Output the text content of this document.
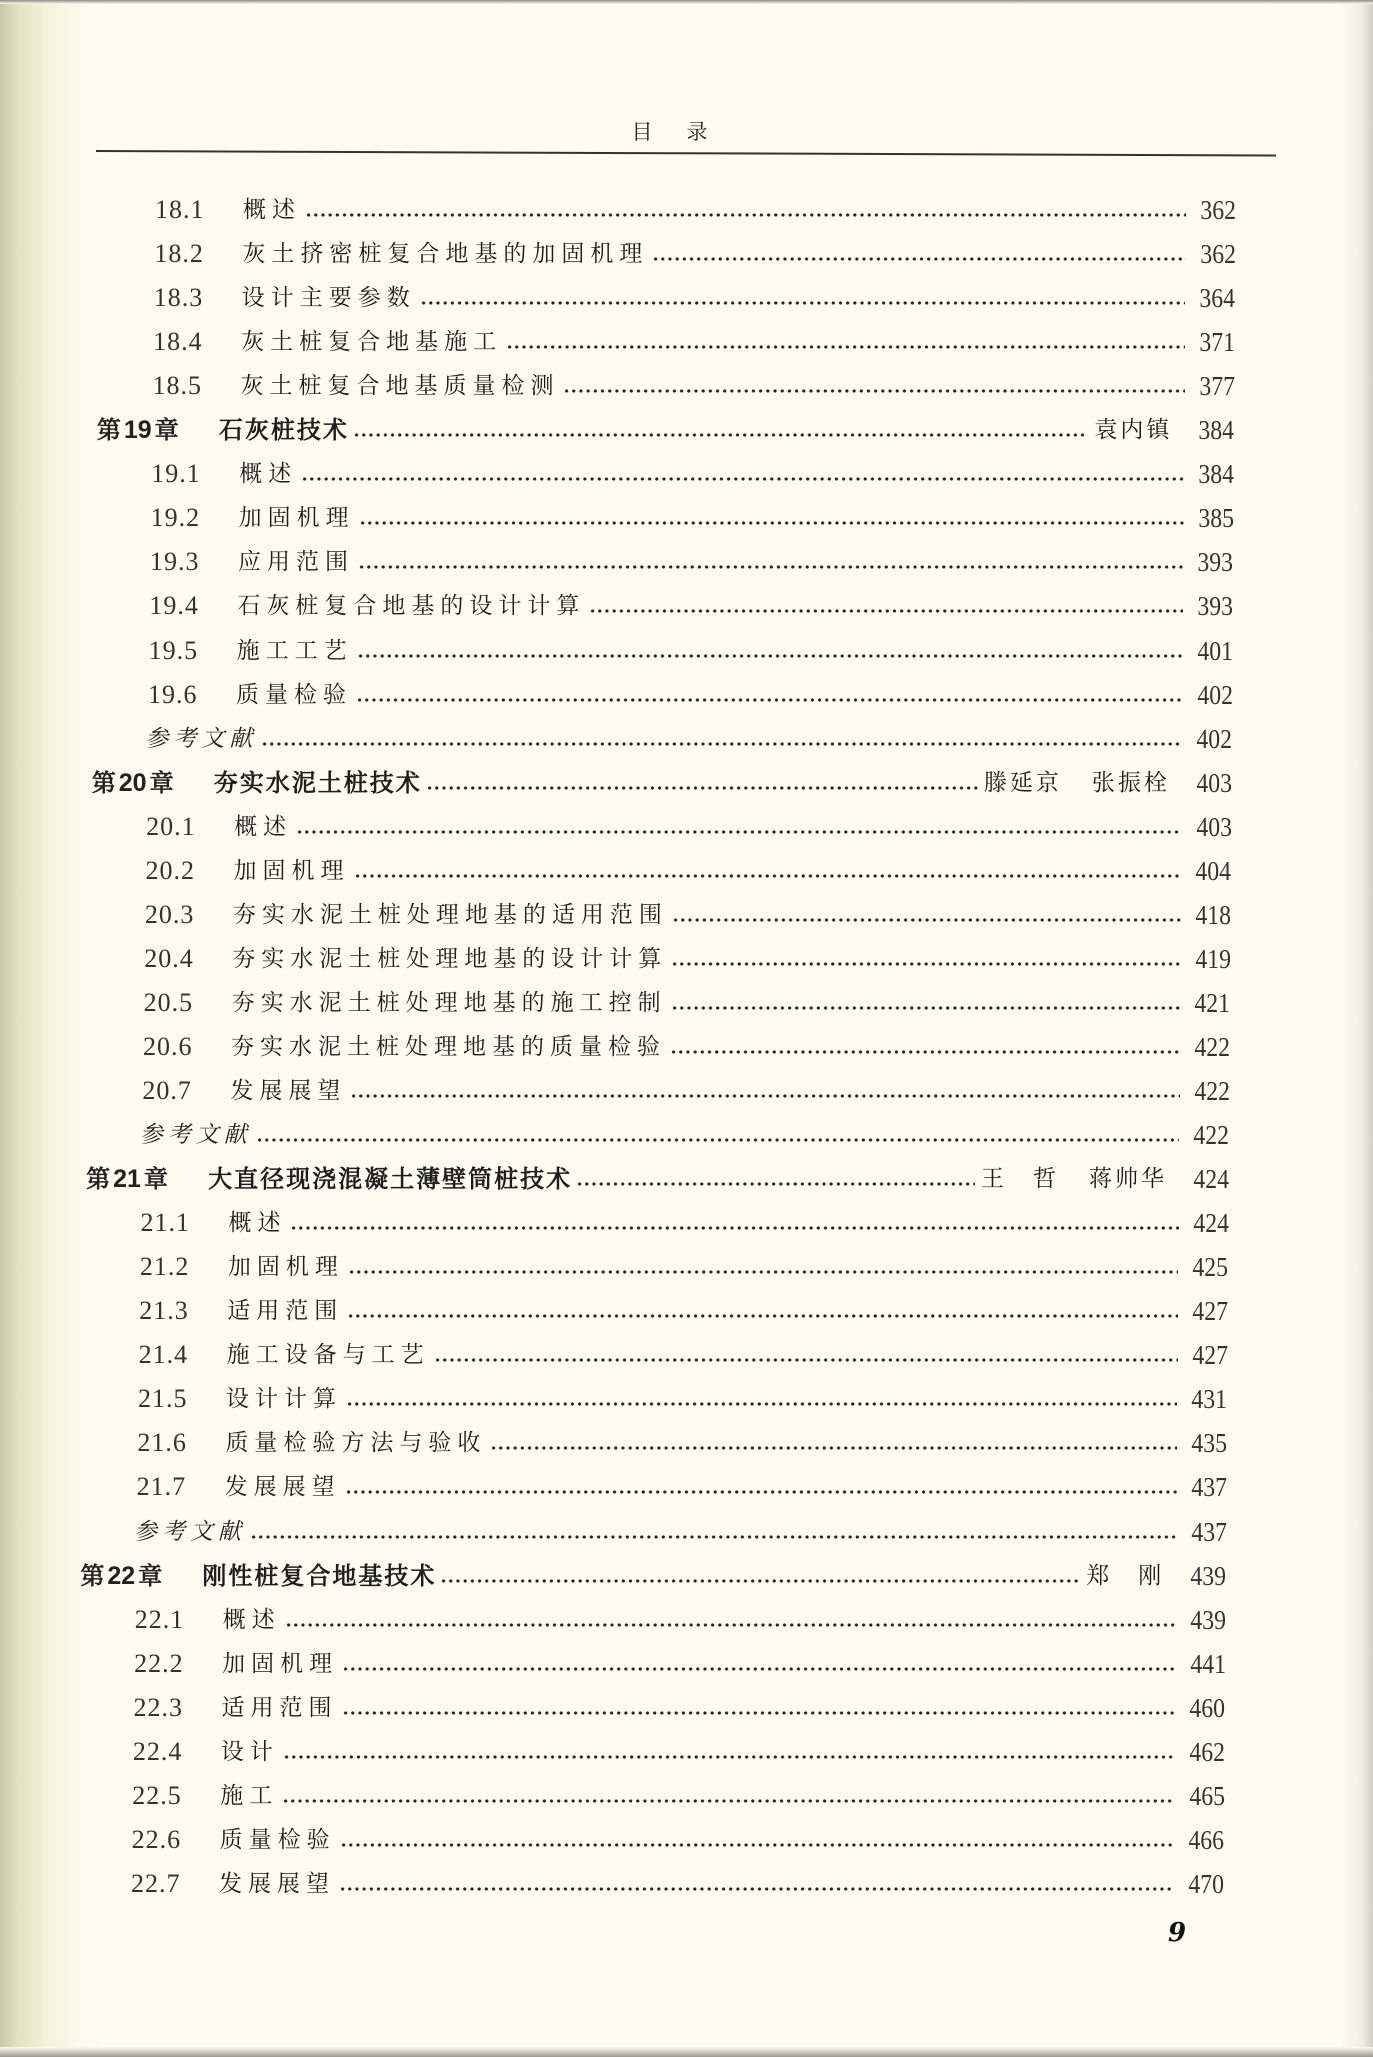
目录
18.1	概述	362
18.2	灰土挤密桩复合地基的加固机理	362
18.3	设计主要参数	364
18.4	灰土桩复合地基施工	371
18.5	灰土桩复合地基质量检测	377
第 19 章	石灰桩技术	袁内镇 384
19.1	概述	384
19.2	加固机理	385
19.3	应用范围	393
19.4	石灰桩复合地基的设计计算	393
19.5	施工工艺	401
19.6	质量检验	402
参考文献	402
第 20 章	夯实水泥土桩技术	滕延京 张振栓 403
20.1	概述	403
20.2	加固机理	404
20.3	夯实水泥土桩处理地基的适用范围	418
20.4	夯实水泥土桩处理地基的设计计算	419
20.5	夯实水泥土桩处理地基的施工控制	421
20.6	夯实水泥土桩处理地基的质量检验	422
20.7	发展展望	422
参考文献	422
第 21 章	大直径现浇混凝土薄壁筒桩技术	王　哲 蒋帅华 424
21.1	概述	424
21.2	加固机理	425
21.3	适用范围	427
21.4	施工设备与工艺	427
21.5	设计计算	431
21.6	质量检验方法与验收	435
21.7	发展展望	437
参考文献	437
第 22 章	刚性桩复合地基技术	郑　刚 439
22.1	概述	439
22.2	加固机理	441
22.3	适用范围	460
22.4	设计	462
22.5	施工	465
22.6	质量检验	466
22.7	发展展望	470
9
